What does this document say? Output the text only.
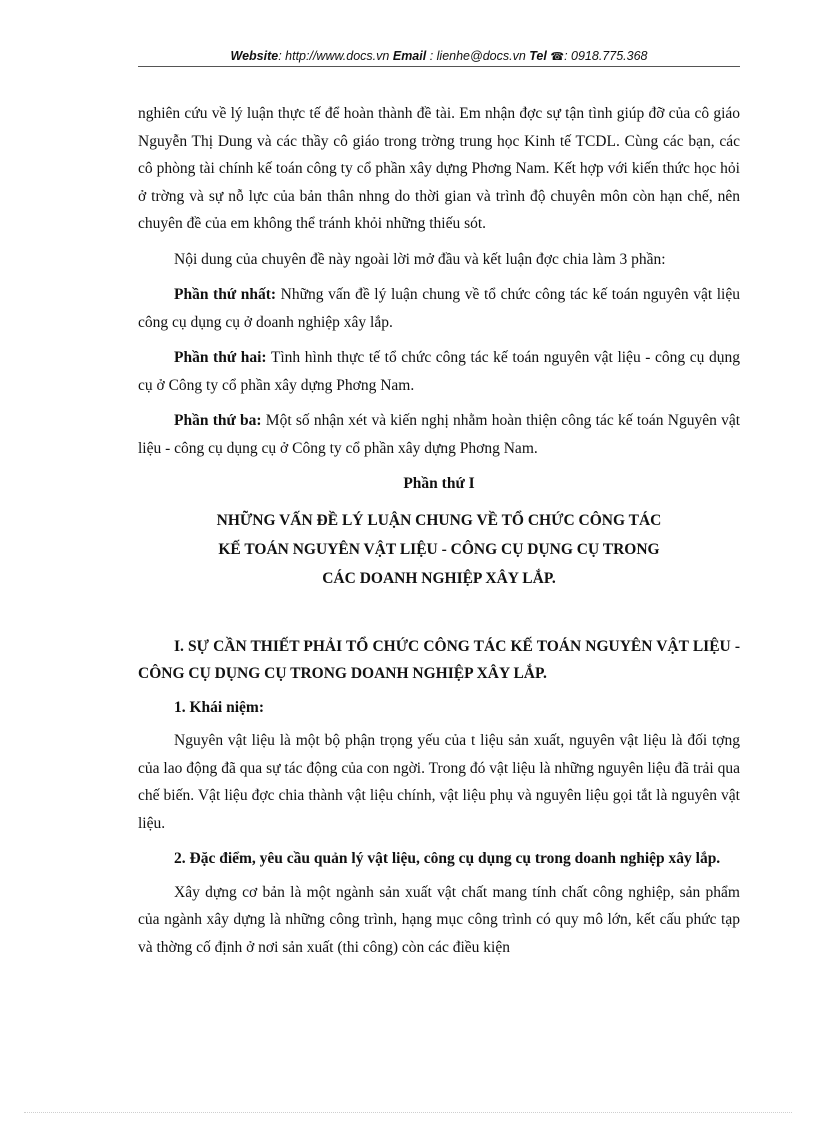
Website: http://www.docs.vn Email : lienhe@docs.vn Tel ☎: 0918.775.368

nghiên cứu về lý luận thực tế để hoàn thành đề tài. Em nhận đợc sự tận tình giúp đỡ của cô giáo Nguyễn Thị Dung và các thầy cô giáo trong trờng trung học Kinh tế TCDL. Cùng các bạn, các cô phòng tài chính kế toán công ty cổ phần xây dựng Phơng Nam. Kết hợp với kiến thức học hỏi ở trờng và sự nỗ lực của bản thân nhng do thời gian và trình độ chuyên môn còn hạn chế, nên chuyên đề của em không thể tránh khỏi những thiếu sót.

Nội dung của chuyên đề này ngoài lời mở đầu và kết luận đợc chia làm 3 phần:

Phần thứ nhất: Những vấn đề lý luận chung về tổ chức công tác kế toán nguyên vật liệu công cụ dụng cụ ở doanh nghiệp xây lắp.

Phần thứ hai: Tình hình thực tế tổ chức công tác kế toán nguyên vật liệu - công cụ dụng cụ ở Công ty cổ phần xây dựng Phơng Nam.

Phần thứ ba: Một số nhận xét và kiến nghị nhằm hoàn thiện công tác kế toán Nguyên vật liệu - công cụ dụng cụ ở Công ty cổ phần xây dựng Phơng Nam.

Phần thứ I

NHỮNG VẤN ĐỀ LÝ LUẬN CHUNG VỀ TỔ CHỨC CÔNG TÁC

KẾ TOÁN NGUYÊN VẬT LIỆU - CÔNG CỤ DỤNG CỤ TRONG

CÁC DOANH NGHIỆP XÂY LẮP.

I. SỰ CẦN THIẾT PHẢI TỔ CHỨC CÔNG TÁC KẾ TOÁN NGUYÊN VẬT LIỆU - CÔNG CỤ DỤNG CỤ TRONG DOANH NGHIỆP XÂY LẮP.

1. Khái niệm:

Nguyên vật liệu là một bộ phận trọng yếu của t liệu sản xuất, nguyên vật liệu là đối tợng của lao động đã qua sự tác động của con ngời. Trong đó vật liệu là những nguyên liệu đã trải qua chế biến. Vật liệu đợc chia thành vật liệu chính, vật liệu phụ và nguyên liệu gọi tắt là nguyên vật liệu.

2. Đặc điểm, yêu cầu quản lý vật liệu, công cụ dụng cụ trong doanh nghiệp xây lắp.

Xây dựng cơ bản là một ngành sản xuất vật chất mang tính chất công nghiệp, sản phẩm của ngành xây dựng là những công trình, hạng mục công trình có quy mô lớn, kết cấu phức tạp và thờng cố định ở nơi sản xuất (thi công) còn các điều kiện
